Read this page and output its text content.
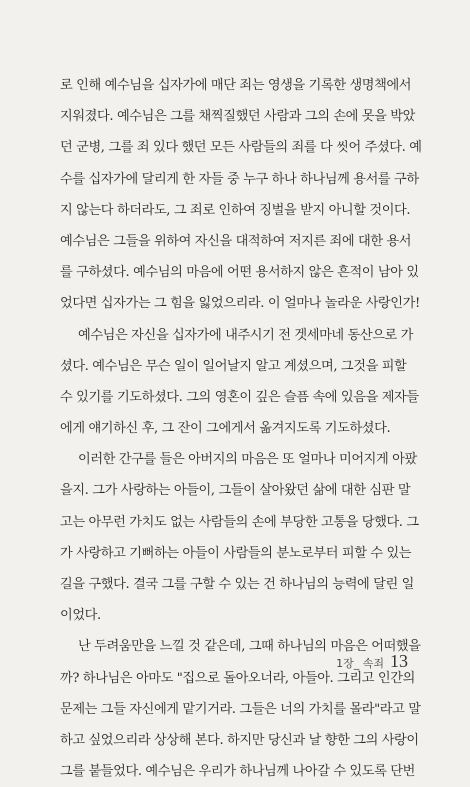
로 인해 예수님을 십자가에 매단 죄는 영생을 기록한 생명책에서
지워졌다. 예수님은 그를 채찍질했던 사람과 그의 손에 못을 박았
던 군병, 그를 죄 있다 했던 모든 사람들의 죄를 다 씻어 주셨다. 예
수를 십자가에 달리게 한 자들 중 누구 하나 하나님께 용서를 구하
지 않는다 하더라도, 그 죄로 인하여 징벌을 받지 아니할 것이다.
예수님은 그들을 위하여 자신을 대적하여 저지른 죄에 대한 용서
를 구하셨다. 예수님의 마음에 어떤 용서하지 않은 흔적이 남아 있
었다면 십자가는 그 힘을 잃었으리라. 이 얼마나 놀라운 사랑인가!
예수님은 자신을 십자가에 내주시기 전 겟세마네 동산으로 가
셨다. 예수님은 무슨 일이 일어날지 알고 계셨으며, 그것을 피할
수 있기를 기도하셨다. 그의 영혼이 깊은 슬픔 속에 있음을 제자들
에게 얘기하신 후, 그 잔이 그에게서 옮겨지도록 기도하셨다.
이러한 간구를 들은 아버지의 마음은 또 얼마나 미어지게 아팠
을지. 그가 사랑하는 아들이, 그들이 살아왔던 삶에 대한 심판 말
고는 아무런 가치도 없는 사람들의 손에 부당한 고통을 당했다. 그
가 사랑하고 기뻐하는 아들이 사람들의 분노로부터 피할 수 있는
길을 구했다. 결국 그를 구할 수 있는 건 하나님의 능력에 달린 일
이었다.
난 두려움만을 느낄 것 같은데, 그때 하나님의 마음은 어떠했을
까? 하나님은 아마도 "집으로 돌아오너라, 아들아. 그리고 인간의
문제는 그들 자신에게 맡기거라. 그들은 너의 가치를 몰라"라고 말
하고 싶었으리라 상상해 본다. 하지만 당신과 날 향한 그의 사랑이
그를 붙들었다. 예수님은 우리가 하나님께 나아갈 수 있도록 단번
1장_ 속죄 13
